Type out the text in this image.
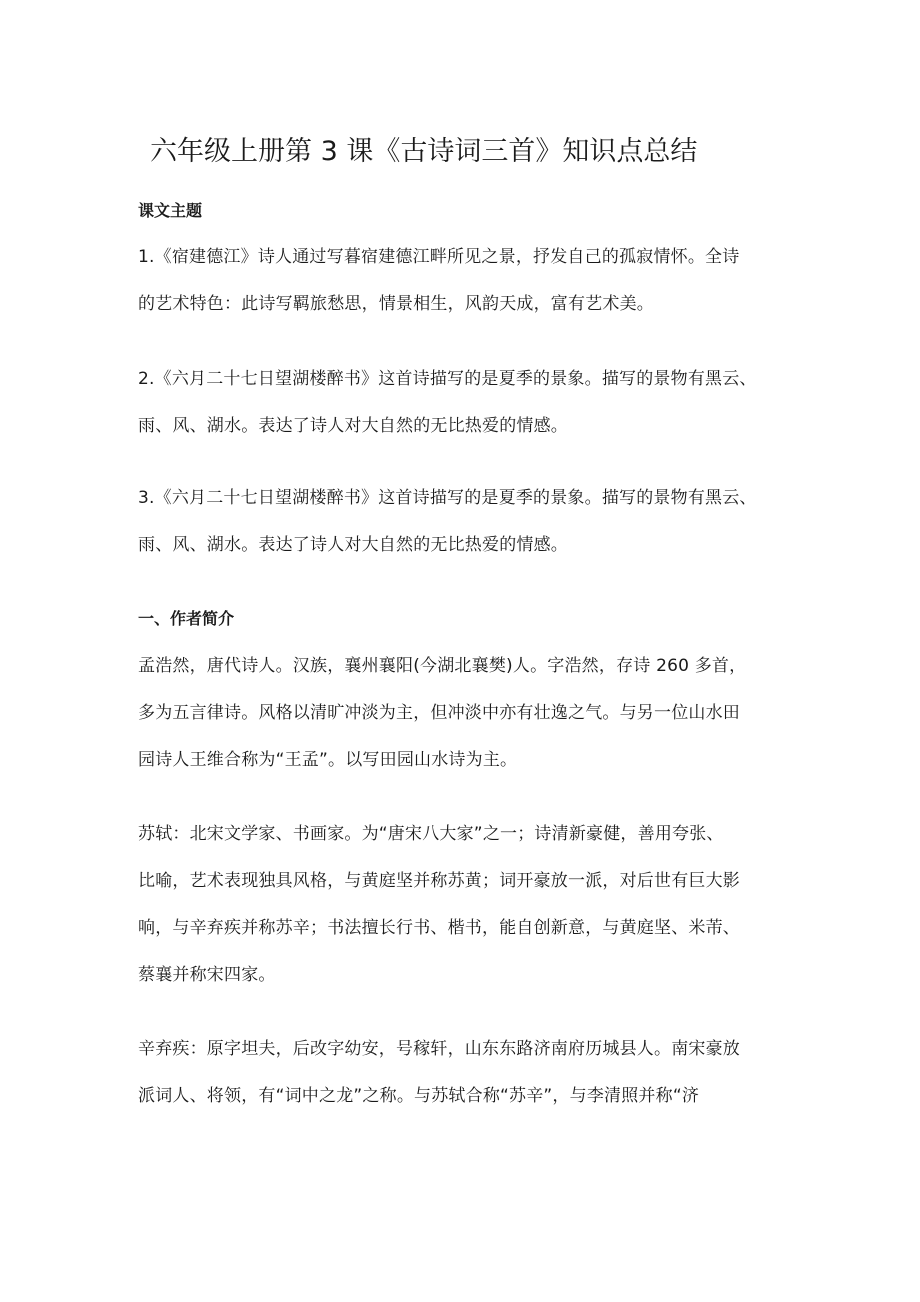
六年级上册第 3 课《古诗词三首》知识点总结
课文主题
1.《宿建德江》诗人通过写暮宿建德江畔所见之景，抒发自己的孤寂情怀。全诗
的艺术特色：此诗写羁旅愁思，情景相生，风韵天成，富有艺术美。
2.《六月二十七日望湖楼醉书》这首诗描写的是夏季的景象。描写的景物有黑云、
雨、风、湖水。表达了诗人对大自然的无比热爱的情感。
3.《六月二十七日望湖楼醉书》这首诗描写的是夏季的景象。描写的景物有黑云、
雨、风、湖水。表达了诗人对大自然的无比热爱的情感。
一、作者简介
孟浩然，唐代诗人。汉族，襄州襄阳(今湖北襄樊)人。字浩然，存诗 260 多首，
多为五言律诗。风格以清旷冲淡为主，但冲淡中亦有壮逸之气。与另一位山水田
园诗人王维合称为“王孟”。以写田园山水诗为主。
苏轼：北宋文学家、书画家。为“唐宋八大家”之一；诗清新豪健，善用夸张、
比喻，艺术表现独具风格，与黄庭坚并称苏黄；词开豪放一派，对后世有巨大影
响，与辛弃疾并称苏辛；书法擅长行书、楷书，能自创新意，与黄庭坚、米芾、
蔡襄并称宋四家。
辛弃疾：原字坦夫，后改字幼安，号稼轩，山东东路济南府历城县人。南宋豪放
派词人、将领，有“词中之龙”之称。与苏轼合称“苏辛”，与李清照并称“济
